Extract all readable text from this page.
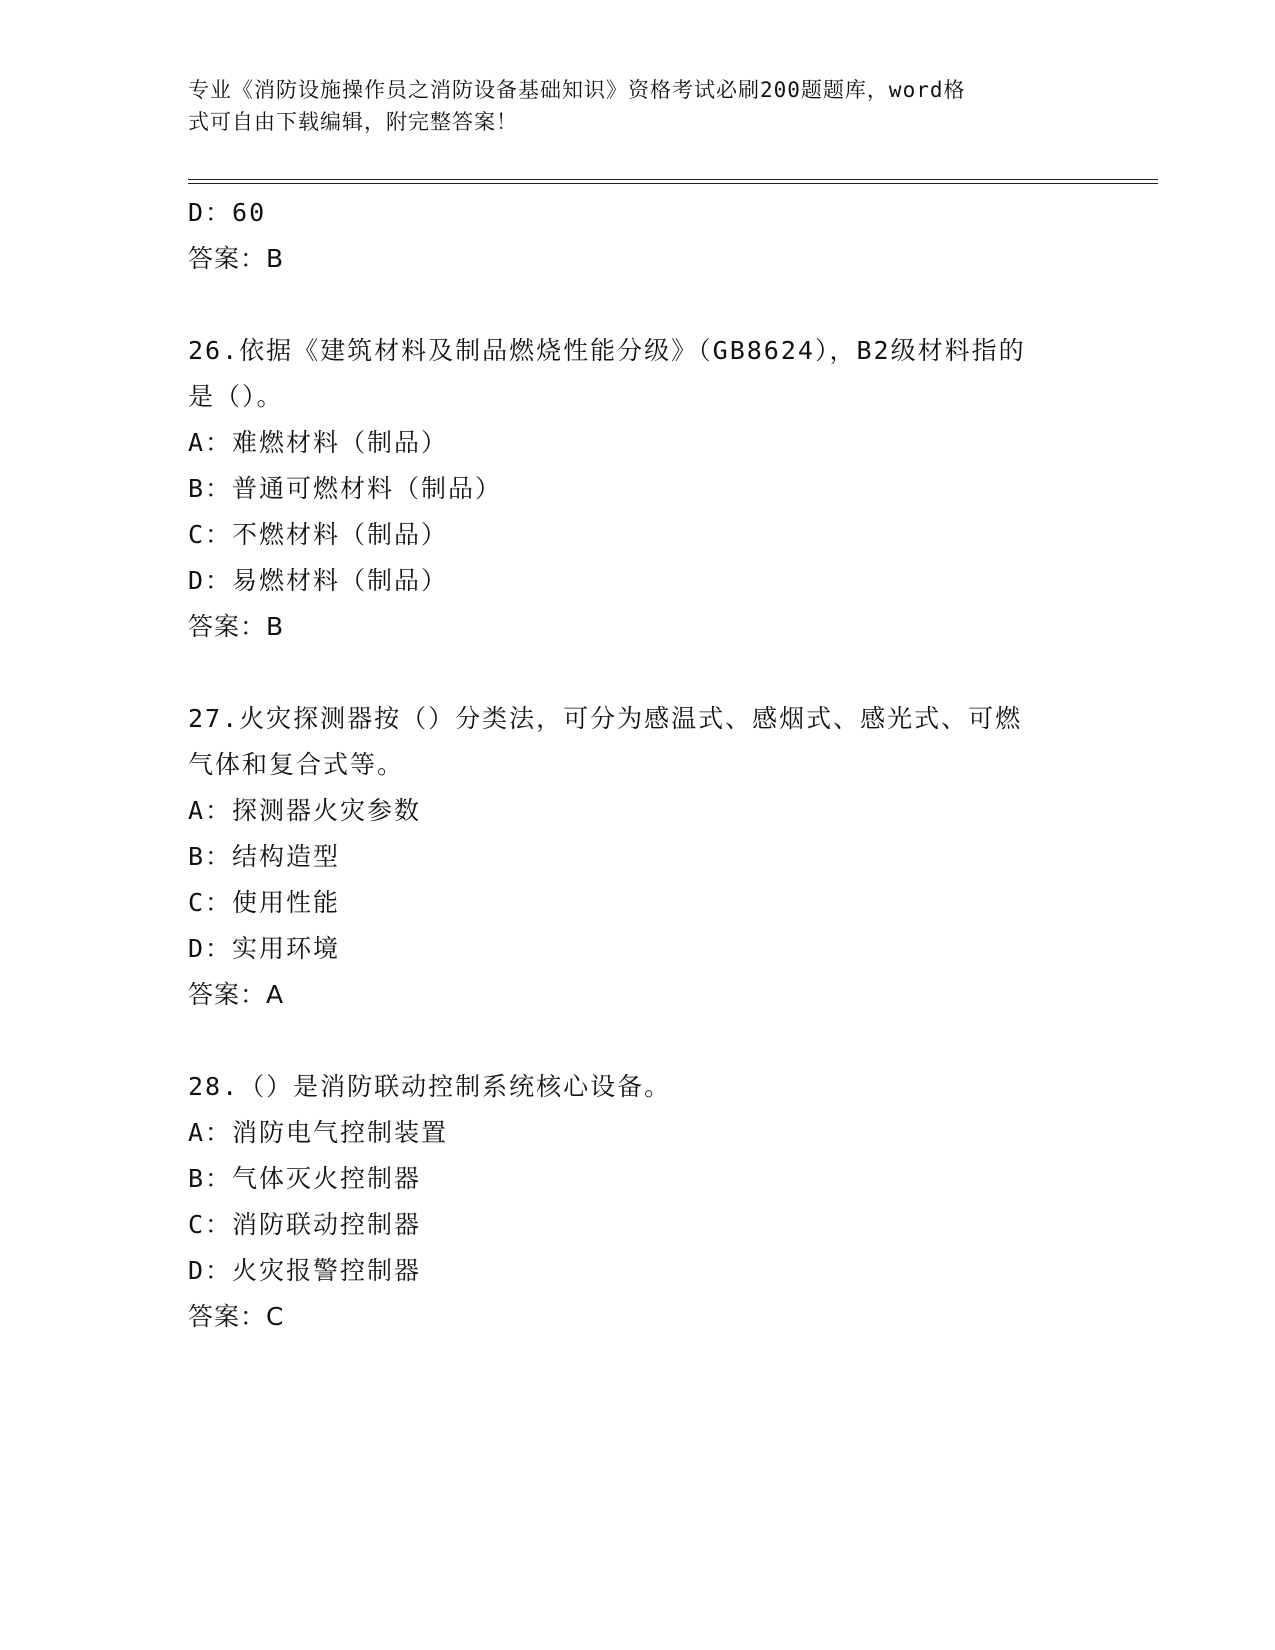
专业《消防设施操作员之消防设备基础知识》资格考试必刷200题题库，word格
式可自由下载编辑，附完整答案！
D：60
答案：B
26.依据《建筑材料及制品燃烧性能分级》（GB8624），B2级材料指的
是（）。
A：难燃材料（制品）
B：普通可燃材料（制品）
C：不燃材料（制品）
D：易燃材料（制品）
答案：B
27.火灾探测器按（）分类法，可分为感温式、感烟式、感光式、可燃
气体和复合式等。
A：探测器火灾参数
B：结构造型
C：使用性能
D：实用环境
答案：A
28.（）是消防联动控制系统核心设备。
A：消防电气控制装置
B：气体灭火控制器
C：消防联动控制器
D：火灾报警控制器
答案：C
